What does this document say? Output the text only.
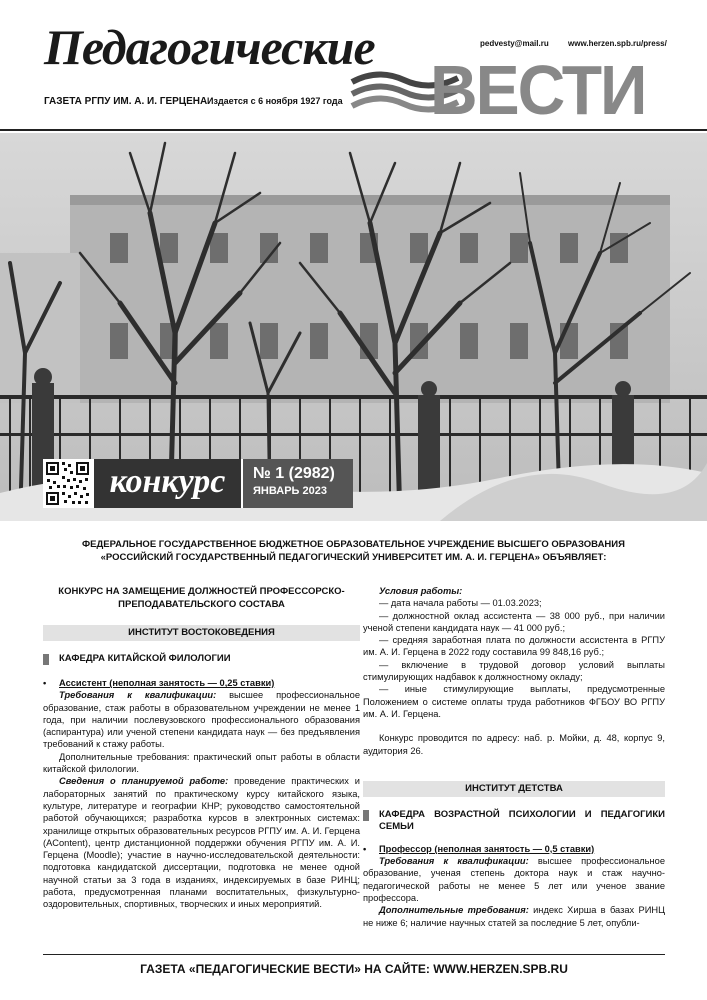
Педагогические
ВЕСТИ
ГАЗЕТА РГПУ ИМ. А. И. ГЕРЦЕНА Издается с 6 ноября 1927 года
pedvesty@mail.ru www.herzen.spb.ru/press/
конкурс	№ 1 (2982)
ЯНВАРЬ 2023
ФЕДЕРАЛЬНОЕ ГОСУДАРСТВЕННОЕ БЮДЖЕТНОЕ ОБРАЗОВАТЕЛЬНОЕ УЧРЕЖДЕНИЕ ВЫСШЕГО ОБРАЗОВАНИЯ
«РОССИЙСКИЙ ГОСУДАРСТВЕННЫЙ ПЕДАГОГИЧЕСКИЙ УНИВЕРСИТЕТ ИМ. А. И. ГЕРЦЕНА» ОБЪЯВЛЯЕТ:

КОНКУРС НА ЗАМЕЩЕНИЕ ДОЛЖНОСТЕЙ ПРОФЕССОРСКО-ПРЕПОДАВАТЕЛЬСКОГО СОСТАВА

ИНСТИТУТ ВОСТОКОВЕДЕНИЯ
КАФЕДРА КИТАЙСКОЙ ФИЛОЛОГИИ

• Ассистент (неполная занятость — 0,25 ставки)

Требования к квалификации: высшее профессиональное образование, стаж работы в образовательном учреждении не менее 1 года, при наличии послевузовского профессионального образования (аспирантура) или ученой степени кандидата наук — без предъявления требований к стажу работы.

Дополнительные требования: практический опыт работы в области китайской филологии.

Сведения о планируемой работе: проведение практических и лабораторных занятий по практическому курсу китайского языка, культуре, литературе и географии КНР; руководство самостоятельной работой обучающихся; разработка курсов в электронных системах: хранилище открытых образовательных ресурсов РГПУ им. А. И. Герцена (AContent), центр дистанционной поддержки обучения РГПУ им. А. И. Герцена (Moodle); участие в научно-исследовательской деятельности: подготовка кандидатской диссертации, подготовка не менее одной научной статьи за 3 года в изданиях, индексируемых в базе РИНЦ; работа, предусмотренная планами воспитательных, физкультурно-оздоровительных, спортивных, творческих и иных мероприятий.

Условия работы:

— дата начала работы — 01.03.2023;

— должностной оклад ассистента — 38 000 руб., при наличии ученой степени кандидата наук — 41 000 руб.;

— средняя заработная плата по должности ассистента в РГПУ им. А. И. Герцена в 2022 году составила 99 848,16 руб.;

— включение в трудовой договор условий выплаты стимулирующих надбавок к должностному окладу;

— иные стимулирующие выплаты, предусмотренные Положением о системе оплаты труда работников ФГБОУ ВО РГПУ им. А. И. Герцена.

Конкурс проводится по адресу: наб. р. Мойки, д. 48, корпус 9, аудитория 26.

ИНСТИТУТ ДЕТСТВА
КАФЕДРА ВОЗРАСТНОЙ ПСИХОЛОГИИ И ПЕДАГОГИКИ СЕМЬИ

• Профессор (неполная занятость — 0,5 ставки)

Требования к квалификации: высшее профессиональное образование, ученая степень доктора наук и стаж научно-педагогической работы не менее 5 лет или ученое звание профессора.

Дополнительные требования: индекс Хирша в базах РИНЦ не ниже 6; наличие научных статей за последние 5 лет, опубли-

ГАЗЕТА «ПЕДАГОГИЧЕСКИЕ ВЕСТИ» НА САЙТЕ: WWW.HERZEN.SPB.RU
